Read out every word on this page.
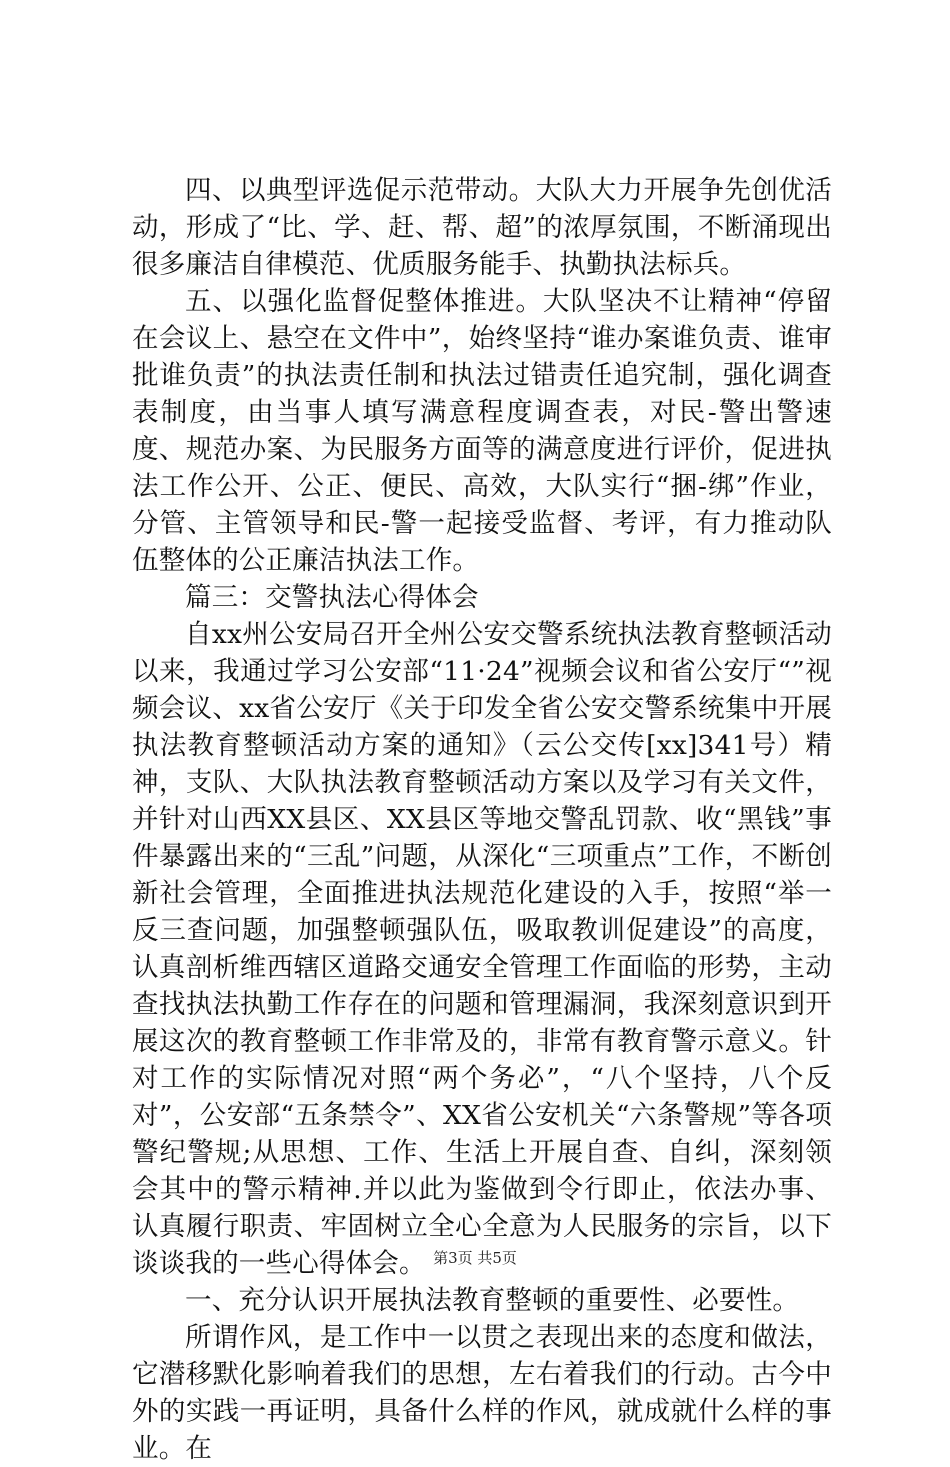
四、以典型评选促示范带动。大队大力开展争先创优活动，形成了“比、学、赶、帮、超”的浓厚氛围，不断涌现出很多廉洁自律模范、优质服务能手、执勤执法标兵。

五、以强化监督促整体推进。大队坚决不让精神“停留在会议上、悬空在文件中”，始终坚持“谁办案谁负责、谁审批谁负责”的执法责任制和执法过错责任追究制，强化调查表制度，由当事人填写满意程度调查表，对民-警出警速度、规范办案、为民服务方面等的满意度进行评价，促进执法工作公开、公正、便民、高效，大队实行“捆-绑”作业，分管、主管领导和民-警一起接受监督、考评，有力推动队伍整体的公正廉洁执法工作。

篇三：交警执法心得体会

自xx州公安局召开全州公安交警系统执法教育整顿活动以来，我通过学习公安部“11·24”视频会议和省公安厅“”视频会议、xx省公安厅《关于印发全省公安交警系统集中开展执法教育整顿活动方案的通知》（云公交传[xx]341号）精神，支队、大队执法教育整顿活动方案以及学习有关文件，并针对山西XX县区、XX县区等地交警乱罚款、收“黑钱”事件暴露出来的“三乱”问题，从深化“三项重点”工作，不断创新社会管理，全面推进执法规范化建设的入手，按照“举一反三查问题，加强整顿强队伍，吸取教训促建设”的高度，认真剖析维西辖区道路交通安全管理工作面临的形势，主动查找执法执勤工作存在的问题和管理漏洞，我深刻意识到开展这次的教育整顿工作非常及的，非常有教育警示意义。针对工作的实际情况对照“两个务必”，“八个坚持，八个反对”，公安部“五条禁令”、XX省公安机关“六条警规”等各项警纪警规;从思想、工作、生活上开展自查、自纠，深刻领会其中的警示精神.并以此为鉴做到令行即止，依法办事、认真履行职责、牢固树立全心全意为人民服务的宗旨，以下谈谈我的一些心得体会。

一、充分认识开展执法教育整顿的重要性、必要性。

所谓作风，是工作中一以贯之表现出来的态度和做法，它潜移默化影响着我们的思想，左右着我们的行动。古今中外的实践一再证明，具备什么样的作风，就成就什么样的事业。在

第3页 共5页
